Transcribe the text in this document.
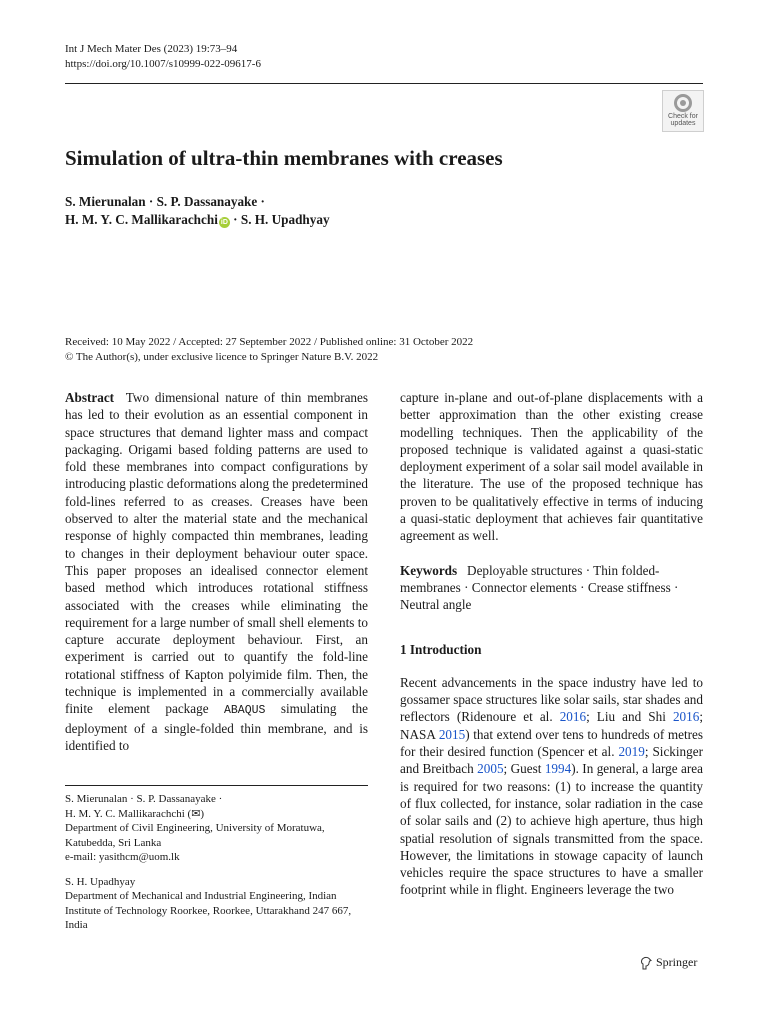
Int J Mech Mater Des (2023) 19:73–94
https://doi.org/10.1007/s10999-022-09617-6
Check for updates
Simulation of ultra-thin membranes with creases
S. Mierunalan · S. P. Dassanayake ·
H. M. Y. C. Mallikarachchi iD · S. H. Upadhyay
Received: 10 May 2022 / Accepted: 27 September 2022 / Published online: 31 October 2022
© The Author(s), under exclusive licence to Springer Nature B.V. 2022
Abstract Two dimensional nature of thin membranes has led to their evolution as an essential component in space structures that demand lighter mass and compact packaging. Origami based folding patterns are used to fold these membranes into compact configurations by introducing plastic deformations along the predetermined fold-lines referred to as creases. Creases have been observed to alter the material state and the mechanical response of highly compacted thin membranes, leading to changes in their deployment behaviour outer space. This paper proposes an idealised connector element based method which introduces rotational stiffness associated with the creases while eliminating the requirement for a large number of small shell elements to capture accurate deployment behaviour. First, an experiment is carried out to quantify the fold-line rotational stiffness of Kapton polyimide film. Then, the technique is implemented in a commercially available finite element package ABAQUS simulating the deployment of a single-folded thin membrane, and is identified to
S. Mierunalan · S. P. Dassanayake ·
H. M. Y. C. Mallikarachchi (✉)
Department of Civil Engineering, University of Moratuwa, Katubedda, Sri Lanka
e-mail: yasithcm@uom.lk
S. H. Upadhyay
Department of Mechanical and Industrial Engineering, Indian Institute of Technology Roorkee, Roorkee, Uttarakhand 247 667, India
capture in-plane and out-of-plane displacements with a better approximation than the other existing crease modelling techniques. Then the applicability of the proposed technique is validated against a quasi-static deployment experiment of a solar sail model available in the literature. The use of the proposed technique has proven to be qualitatively effective in terms of inducing a quasi-static deployment that achieves fair quantitative agreement as well.
Keywords Deployable structures · Thin folded-membranes · Connector elements · Crease stiffness · Neutral angle
1 Introduction
Recent advancements in the space industry have led to gossamer space structures like solar sails, star shades and reflectors (Ridenoure et al. 2016; Liu and Shi 2016; NASA 2015) that extend over tens to hundreds of metres for their desired function (Spencer et al. 2019; Sickinger and Breitbach 2005; Guest 1994). In general, a large area is required for two reasons: (1) to increase the quantity of flux collected, for instance, solar radiation in the case of solar sails and (2) to achieve high aperture, thus high spatial resolution of signals transmitted from the space. However, the limitations in stowage capacity of launch vehicles require the space structures to have a smaller footprint while in flight. Engineers leverage the two
Springer
